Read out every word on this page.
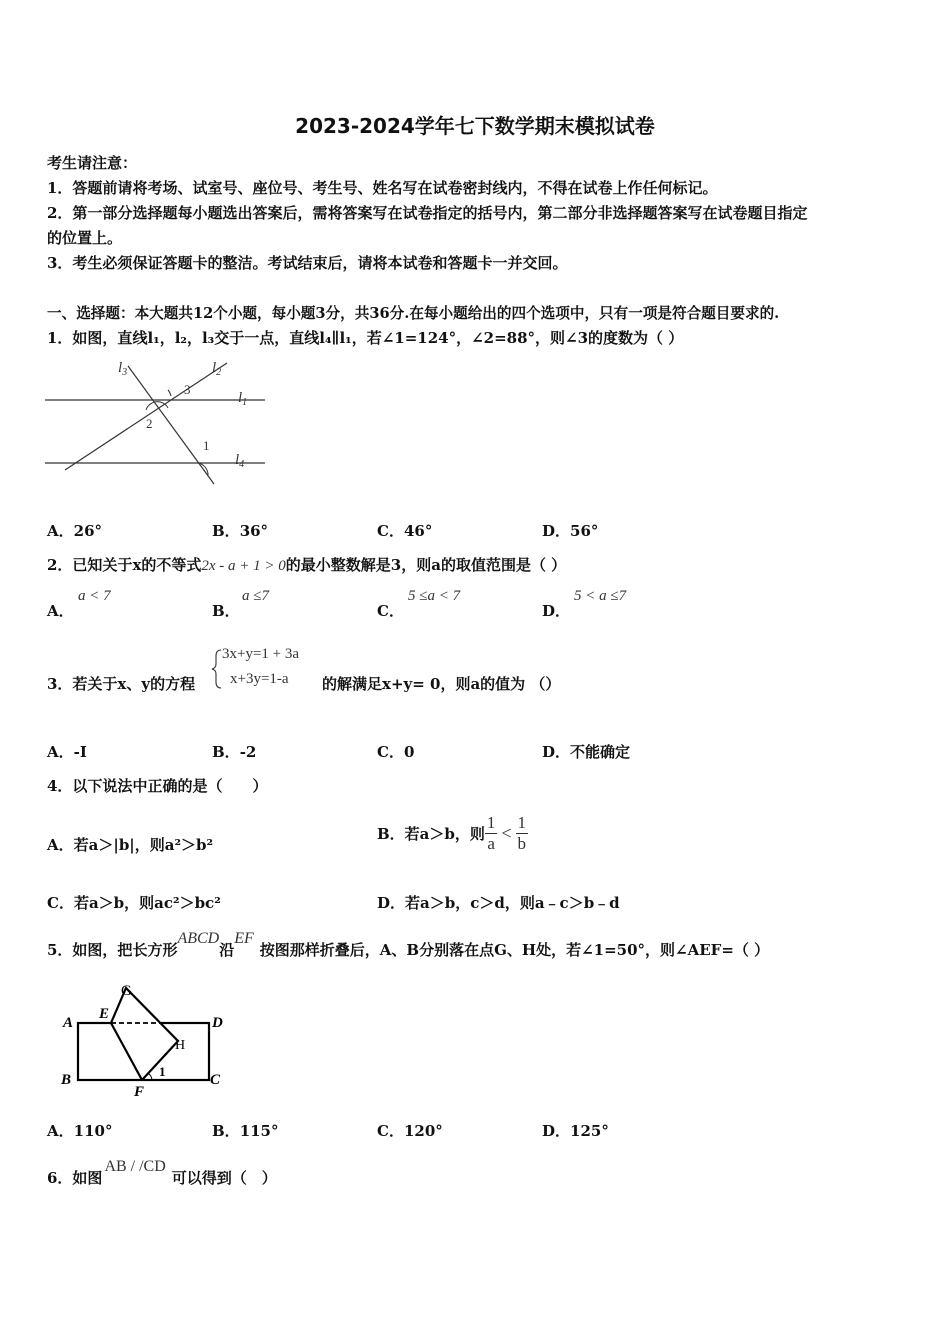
2023-2024学年七下数学期末模拟试卷
考生请注意：
1．答题前请将考场、试室号、座位号、考生号、姓名写在试卷密封线内，不得在试卷上作任何标记。
2．第一部分选择题每小题选出答案后，需将答案写在试卷指定的括号内，第二部分非选择题答案写在试卷题目指定
的位置上。
3．考生必须保证答题卡的整洁。考试结束后，请将本试卷和答题卡一并交回。
一、选择题：本大题共12个小题，每小题3分，共36分.在每小题给出的四个选项中，只有一项是符合题目要求的.
1．如图，直线l₁，l₂，l₃交于一点，直线l₄∥l₁，若∠1=124°，∠2=88°，则∠3的度数为（ ）
$l_3$	$l_2$
$l_1$
$l_4$
3
2
1
A．26°	B．36°	C．46°	D．56°
2．已知关于x的不等式2x - a + 1 > 0的最小整数解是3，则a的取值范围是（ ）
A．
a < 7
B．
a ≤7
C．
5 ≤a < 7
D．
5 < a ≤7
3．若关于x、y的方程
3x+y=1 + 3a
x+3y=1-a 的解满足x+y= 0，则a的值为 （）
A．-I	B．-2	C．0	D．不能确定
4．以下说法中正确的是（　　）
A．若a＞|b|，则a²＞b²
B．若a＞b，则 $\frac{1}{a} < \frac{1}{b}$
C．若a＞b，则ac²＞bc²	D．若a＞b，c＞d，则a﹣c＞b﹣d
5．如图，把长方形ABCD沿EF按图那样折叠后，A、B分别落在点G、H处，若∠1=50°，则∠AEF=（ ）
A
E
G
D
H
B	C
F
1
A．110°	B．115°	C．120°	D．125°
6．如图AB / /CD可以得到（　）
